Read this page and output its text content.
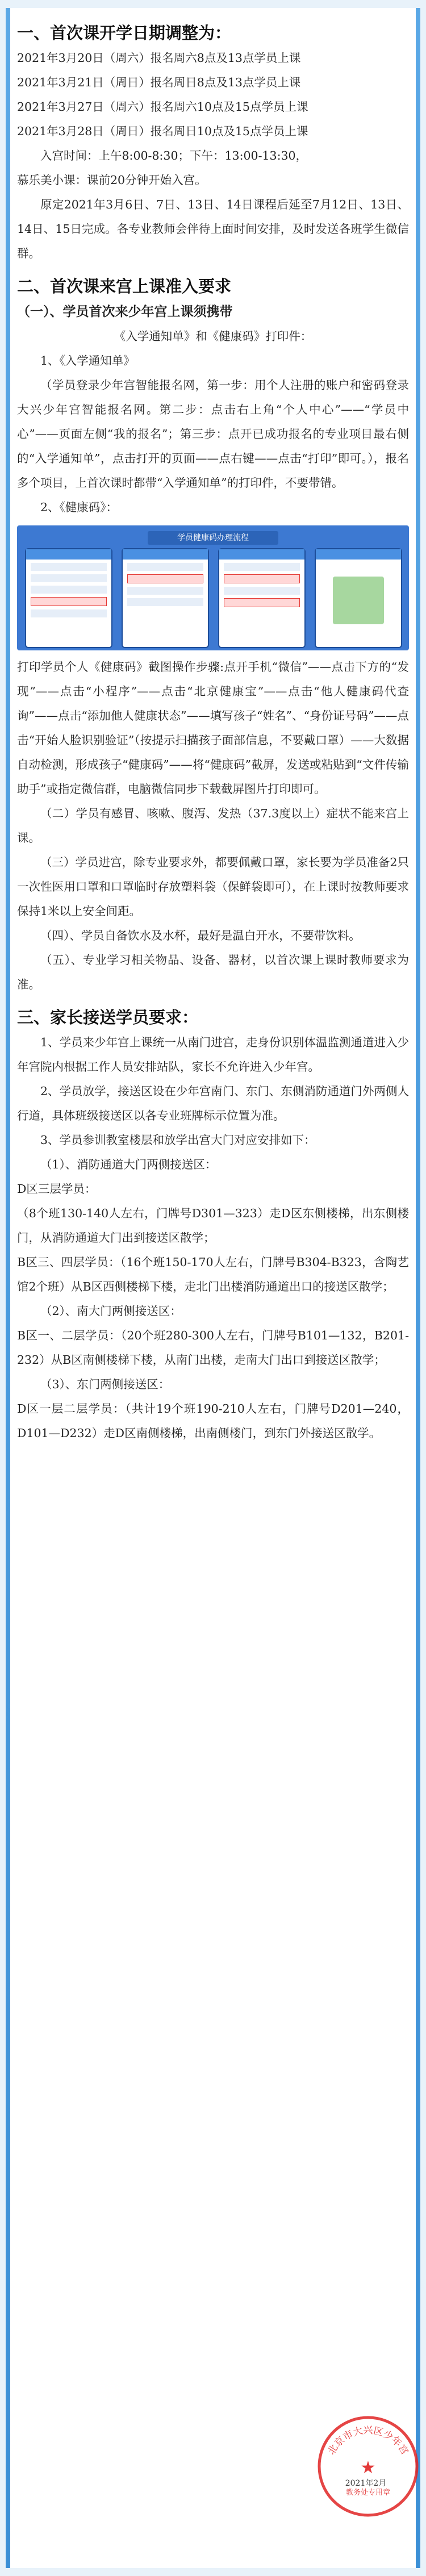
一、首次课开学日期调整为：
2021年3月20日（周六）报名周六8点及13点学员上课
2021年3月21日（周日）报名周日8点及13点学员上课
2021年3月27日（周六）报名周六10点及15点学员上课
2021年3月28日（周日）报名周日10点及15点学员上课
入宫时间：上午8:00-8:30；下午：13:00-13:30，
慕乐美小课：课前20分钟开始入宫。
原定2021年3月6日、7日、13日、14日课程后延至7月12日、13日、14日、15日完成。各专业教师会伴待上面时间安排，及时发送各班学生微信群。
二、首次课来宫上课准入要求
（一）、学员首次来少年宫上课须携带
《入学通知单》和《健康码》打印件：
1、《入学通知单》
（学员登录少年宫智能报名网，第一步：用个人注册的账户和密码登录大兴少年宫智能报名网。第二步：点击右上角“个人中心”——“学员中心”——页面左侧“我的报名”；第三步：点开已成功报名的专业项目最右侧的“入学通知单”，点击打开的页面——点右键——点击“打印”即可。），报名多个项目，上首次课时都带“入学通知单”的打印件，不要带错。
2、《健康码》：
学员健康码办理流程
打印学员个人《健康码》截图操作步骤:点开手机“微信”——点击下方的“发现”——点击“小程序”——点击“北京健康宝”——点击“他人健康码代查询”——点击“添加他人健康状态”——填写孩子“姓名”、“身份证号码”——点击“开始人脸识别验证”（按提示扫描孩子面部信息，不要戴口罩）——大数据自动检测，形成孩子“健康码”——将“健康码”截屏，发送或粘贴到“文件传输助手”或指定微信群，电脑微信同步下载截屏图片打印即可。
（二）学员有感冒、咳嗽、腹泻、发热（37.3度以上）症状不能来宫上课。
（三）学员进宫，除专业要求外，都要佩戴口罩，家长要为学员准备2只一次性医用口罩和口罩临时存放塑料袋（保鲜袋即可），在上课时按教师要求保持1米以上安全间距。
（四）、学员自备饮水及水杯，最好是温白开水，不要带饮料。
（五）、专业学习相关物品、设备、器材，以首次课上课时教师要求为准。
三、家长接送学员要求：
1、学员来少年宫上课统一从南门进宫，走身份识别体温监测通道进入少年宫院内根据工作人员安排站队，家长不允许进入少年宫。
2、学员放学，接送区设在少年宫南门、东门、东侧消防通道门外两侧人行道，具体班级接送区以各专业班牌标示位置为准。
3、学员参训教室楼层和放学出宫大门对应安排如下：
（1）、消防通道大门两侧接送区：
D区三层学员：
（8个班130-140人左右，门牌号D301—323）走D区东侧楼梯，出东侧楼门，从消防通道大门出到接送区散学；
B区三、四层学员：（16个班150-170人左右，门牌号B304-B323，含陶艺馆2个班）从B区西侧楼梯下楼，走北门出楼消防通道出口的接送区散学；
（2）、南大门两侧接送区：
B区一、二层学员：（20个班280-300人左右，门牌号B101—132，B201-232）从B区南侧楼梯下楼，从南门出楼，走南大门出口到接送区散学；
（3）、东门两侧接送区：
D区一层二层学员：（共计19个班190-210人左右，门牌号D201—240，D101—D232）走D区南侧楼梯，出南侧楼门，到东门外接送区散学。
北京市大兴区少年宫
★
教务处专用章
2021年2月
